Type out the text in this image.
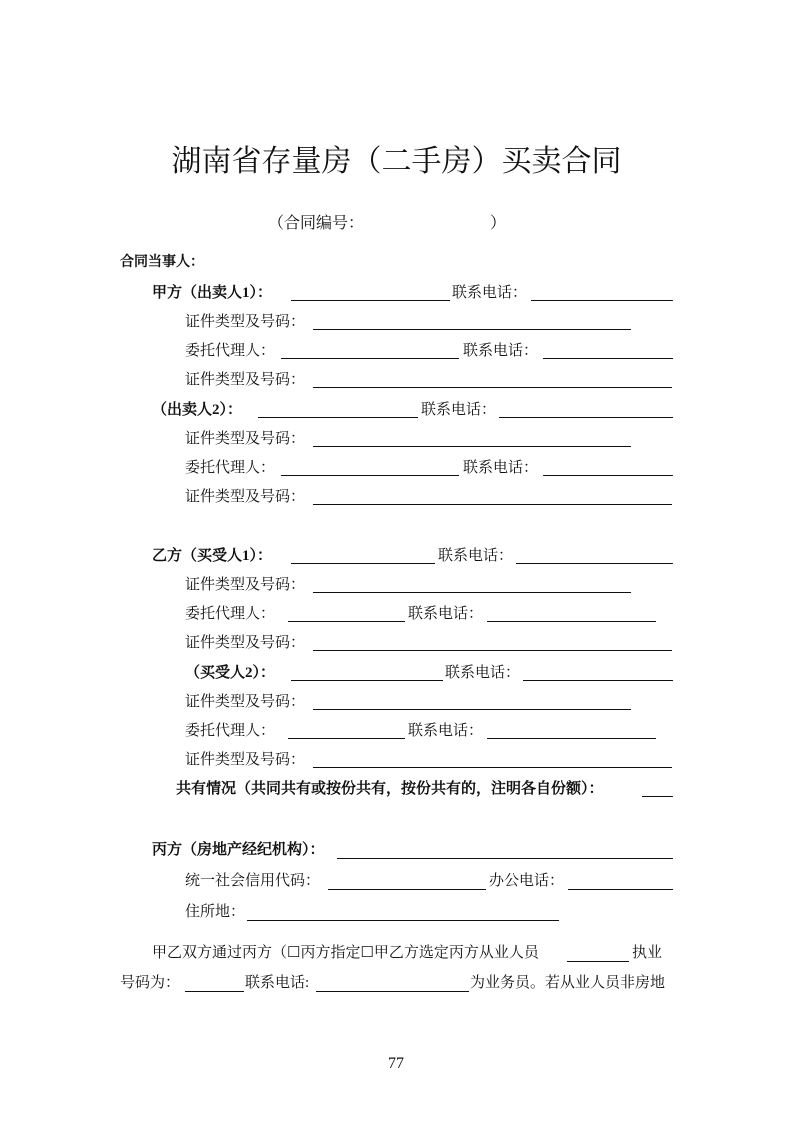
湖南省存量房（二手房）买卖合同
（合同编号：	）
合同当事人：
甲方（出卖人1）：	联系电话：
证件类型及号码：
委托代理人：	联系电话：
证件类型及号码：
（出卖人2）：	联系电话：
证件类型及号码：
委托代理人：	联系电话：
证件类型及号码：
乙方（买受人1）：	联系电话：
证件类型及号码：
委托代理人：	联系电话：
证件类型及号码：
（买受人2）：	联系电话：
证件类型及号码：
委托代理人：	联系电话：
证件类型及号码：
共有情况（共同共有或按份共有，按份共有的，注明各自份额）：
丙方（房地产经纪机构）：
统一社会信用代码：	办公电话：
住所地：
甲乙双方通过丙方（☐丙方指定☐甲乙方选定丙方从业人员	执业
号码为：	联系电话:	为业务员。若从业人员非房地
77
